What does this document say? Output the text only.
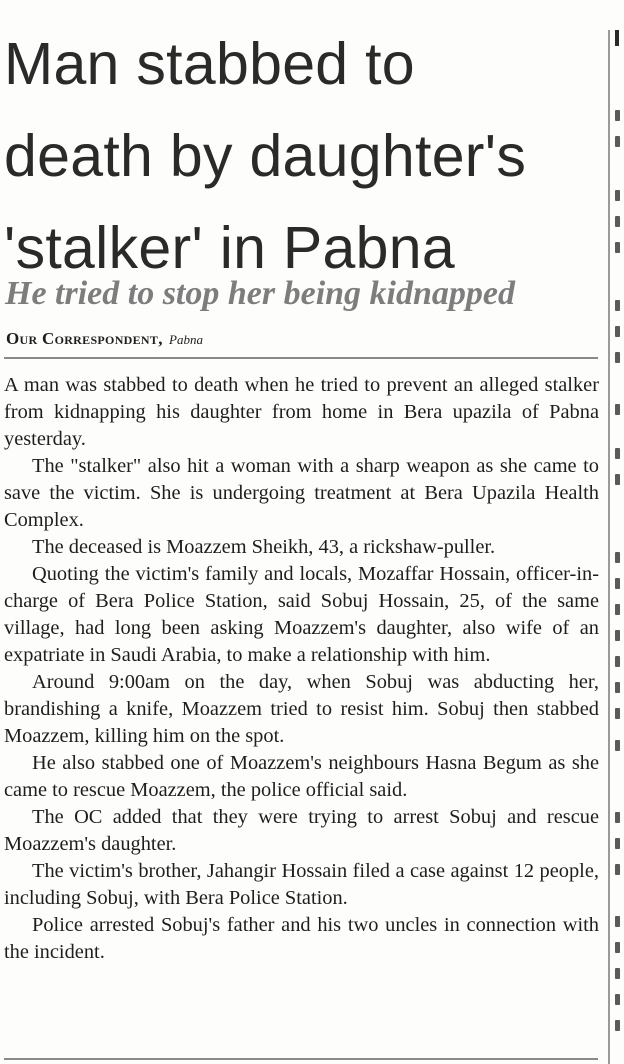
Man stabbed to
death by daughter's
'stalker' in Pabna
He tried to stop her being kidnapped
Our Correspondent, Pabna

A man was stabbed to death when he tried to prevent an alleged stalker from kidnapping his daughter from home in Bera upazila of Pabna yesterday.

The "stalker" also hit a woman with a sharp weapon as she came to save the victim. She is undergoing treatment at Bera Upazila Health Complex.

The deceased is Moazzem Sheikh, 43, a rickshaw-puller.

Quoting the victim's family and locals, Mozaffar Hossain, officer-in-charge of Bera Police Station, said Sobuj Hossain, 25, of the same village, had long been asking Moazzem's daughter, also wife of an expatriate in Saudi Arabia, to make a relationship with him.

Around 9:00am on the day, when Sobuj was abducting her, brandishing a knife, Moazzem tried to resist him. Sobuj then stabbed Moazzem, killing him on the spot.

He also stabbed one of Moazzem's neighbours Hasna Begum as she came to rescue Moazzem, the police official said.

The OC added that they were trying to arrest Sobuj and rescue Moazzem's daughter.

The victim's brother, Jahangir Hossain filed a case against 12 people, including Sobuj, with Bera Police Station.

Police arrested Sobuj's father and his two uncles in connection with the incident.
